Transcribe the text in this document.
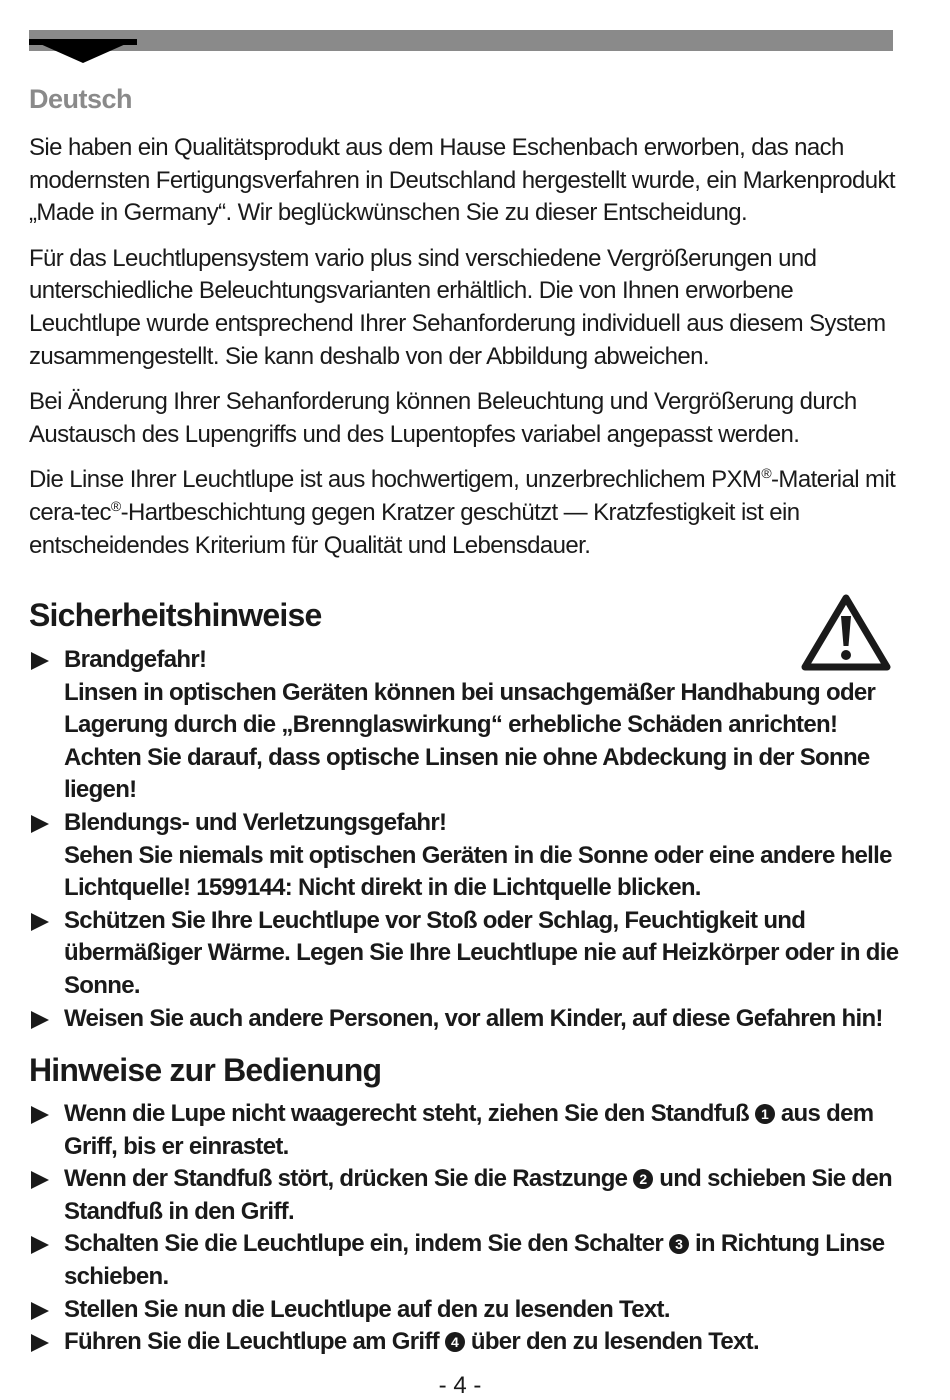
Deutsch

Sie haben ein Qualitätsprodukt aus dem Hause Eschenbach erworben, das nach modernsten Fertigungsverfahren in Deutschland hergestellt wurde, ein Markenprodukt „Made in Germany“. Wir beglückwünschen Sie zu dieser Entscheidung.

Für das Leuchtlupensystem vario plus sind verschiedene Vergrößerungen und unterschiedliche Beleuchtungsvarianten erhältlich. Die von Ihnen erworbene Leuchtlupe wurde entsprechend Ihrer Sehanforderung individuell aus diesem System zusammengestellt. Sie kann deshalb von der Abbildung abweichen.

Bei Änderung Ihrer Sehanforderung können Beleuchtung und Vergrößerung durch Austausch des Lupengriffs und des Lupentopfes variabel angepasst werden.

Die Linse Ihrer Leuchtlupe ist aus hochwertigem, unzerbrechlichem PXM®-Material mit cera-tec®-Hartbeschichtung gegen Kratzer geschützt — Kratzfestigkeit ist ein entscheidendes Kriterium für Qualität und Lebensdauer.

Sicherheitshinweise
Brandgefahr!
Linsen in optischen Geräten können bei unsachgemäßer Handhabung oder Lagerung durch die „Brennglaswirkung“ erhebliche Schäden anrichten! Achten Sie darauf, dass optische Linsen nie ohne Abdeckung in der Sonne liegen!
Blendungs- und Verletzungsgefahr!
Sehen Sie niemals mit optischen Geräten in die Sonne oder eine andere helle Lichtquelle! 1599144: Nicht direkt in die Lichtquelle blicken.
Schützen Sie Ihre Leuchtlupe vor Stoß oder Schlag, Feuchtigkeit und übermäßiger Wärme. Legen Sie Ihre Leuchtlupe nie auf Heizkörper oder in die Sonne.
Weisen Sie auch andere Personen, vor allem Kinder, auf diese Gefahren hin!
Hinweise zur Bedienung
Wenn die Lupe nicht waagerecht steht, ziehen Sie den Standfuß 1 aus dem Griff, bis er einrastet.
Wenn der Standfuß stört, drücken Sie die Rastzunge 2 und schieben Sie den Standfuß in den Griff.
Schalten Sie die Leuchtlupe ein, indem Sie den Schalter 3 in Richtung Linse schieben.
Stellen Sie nun die Leuchtlupe auf den zu lesenden Text.
Führen Sie die Leuchtlupe am Griff 4 über den zu lesenden Text.
- 4 -
